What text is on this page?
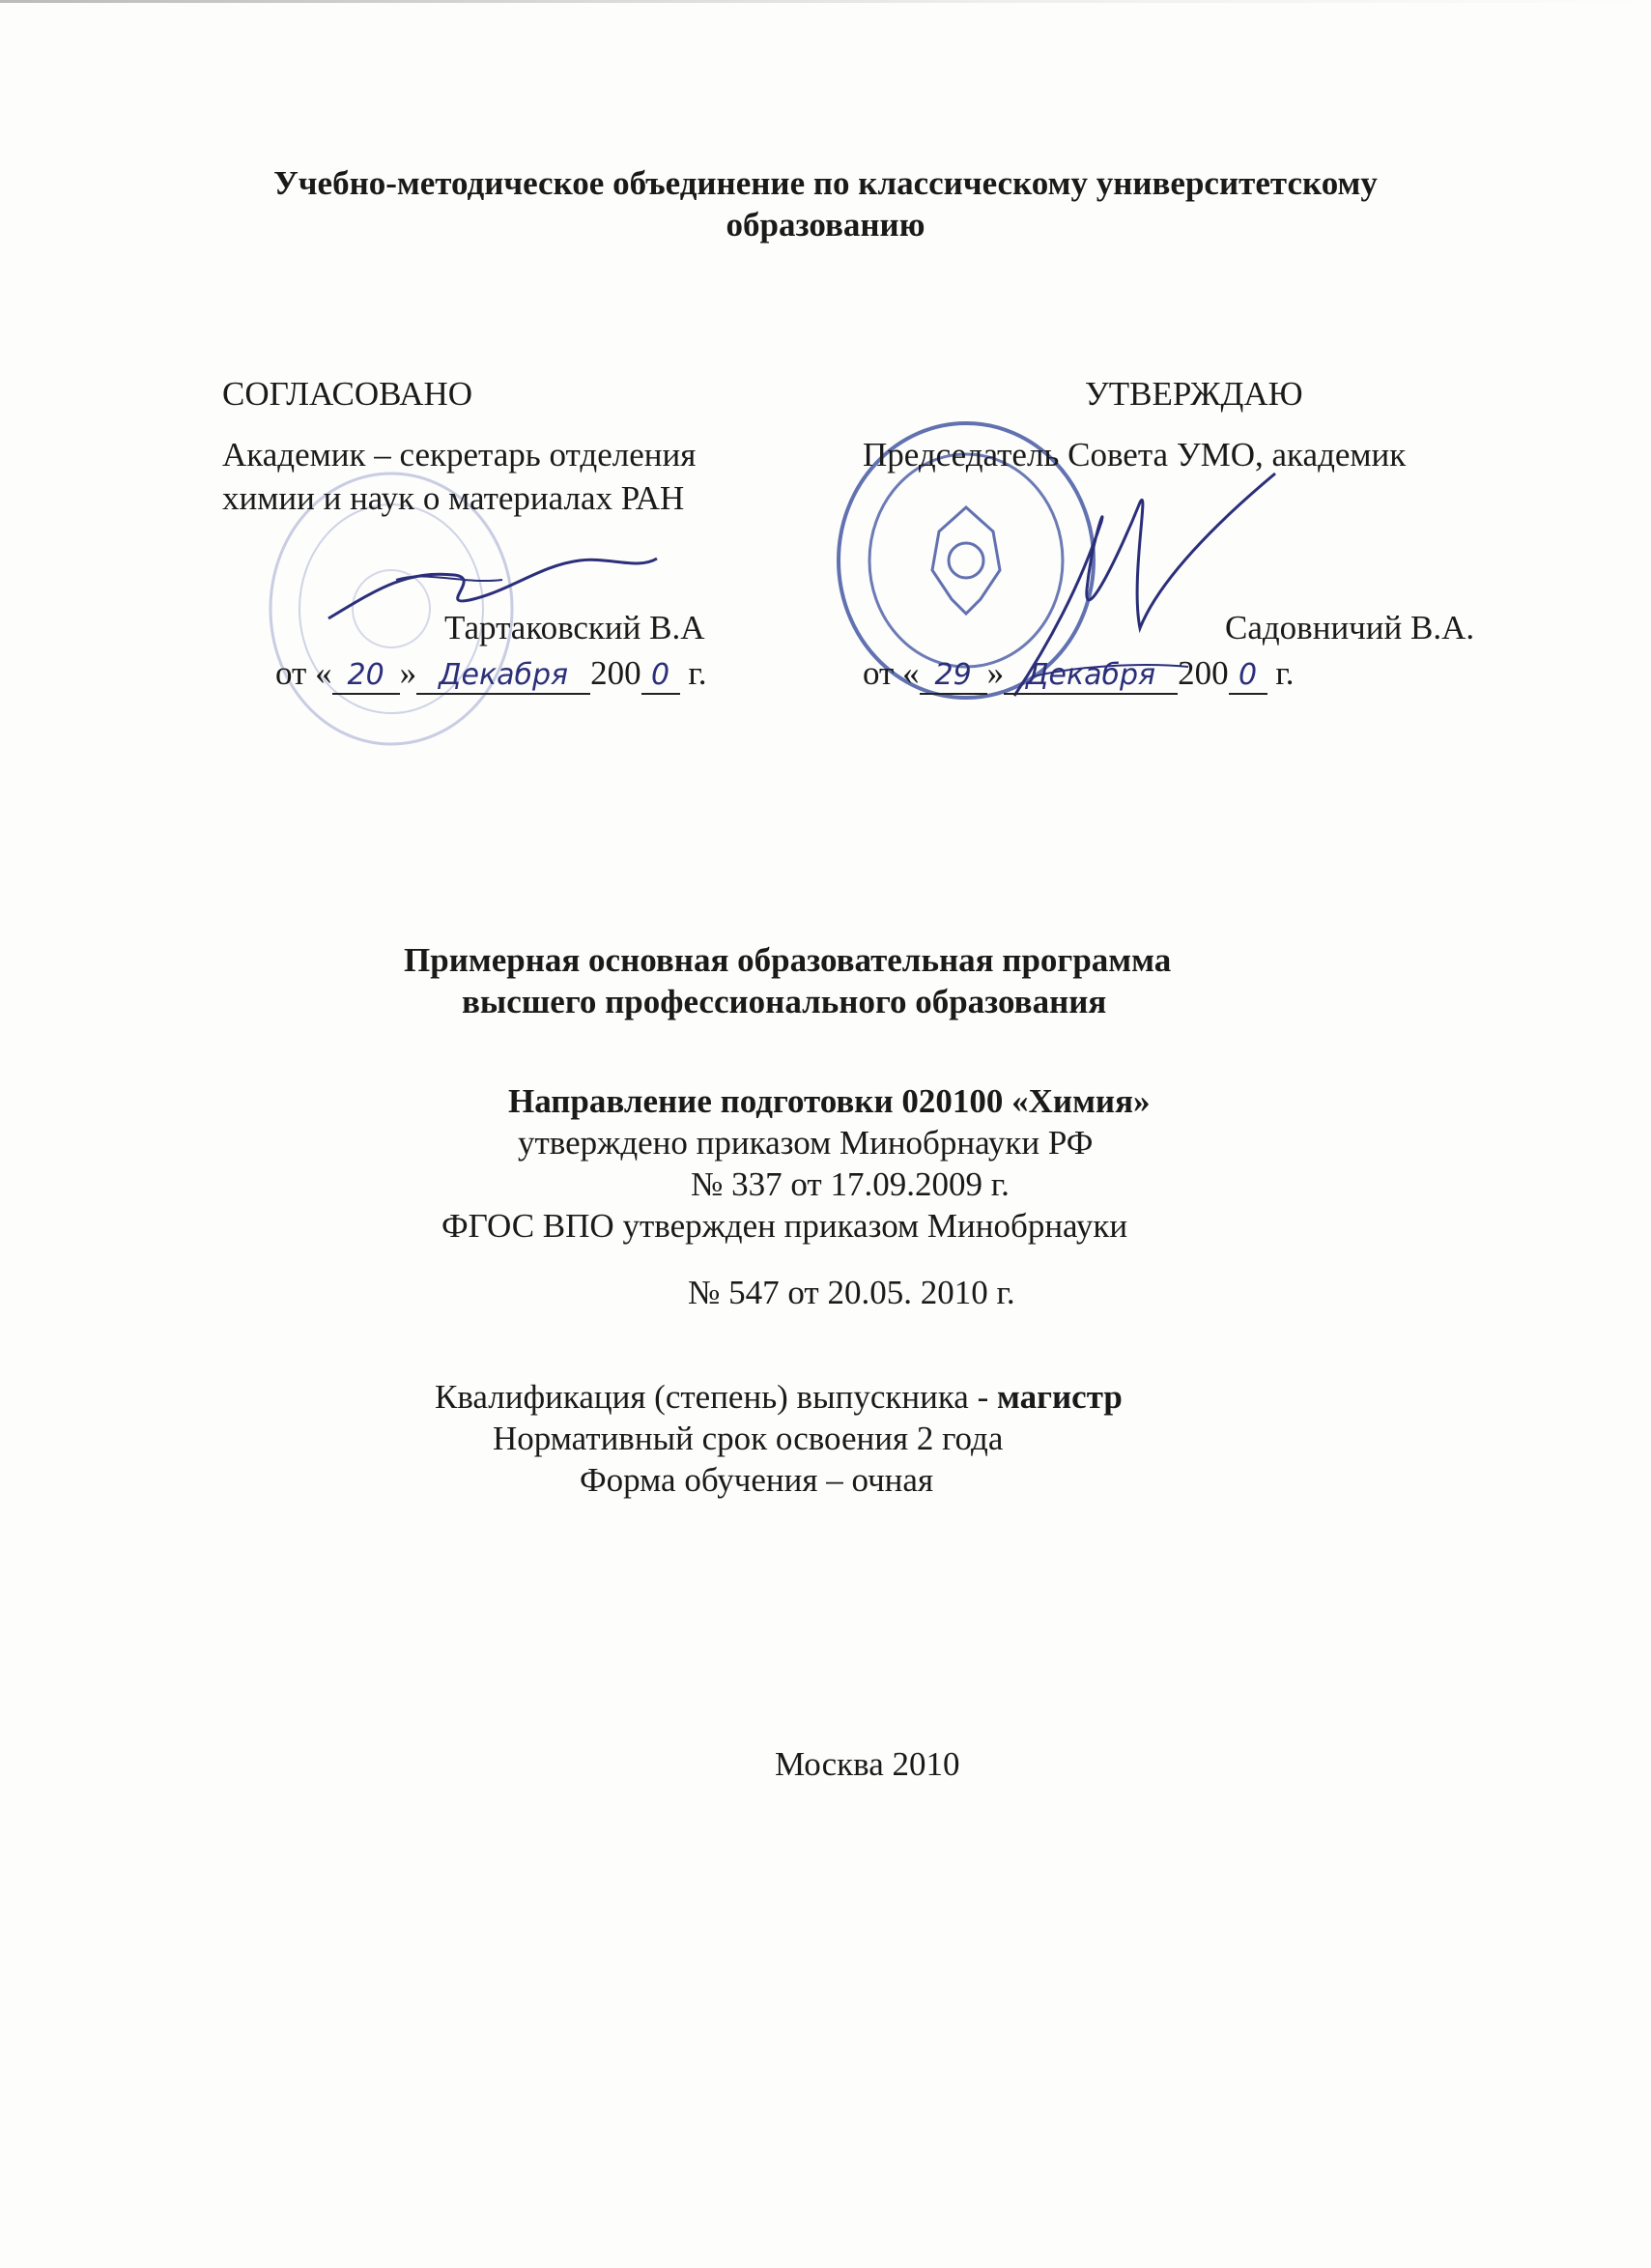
Учебно-методическое объединение по классическому университетскому
образованию
СОГЛАСОВАНО
Академик – секретарь отделения
химии и наук о материалах РАН
Тартаковский В.А
от « 20 » Декабря 200 0 г.
УТВЕРЖДАЮ
Председатель Совета УМО, академик
Садовничий В.А.
от « 29 » Декабря 200 0 г.
Примерная основная образовательная программа
высшего профессионального образования
Направление подготовки 020100 «Химия»
утверждено приказом Минобрнауки РФ
№ 337 от 17.09.2009 г.
ФГОС ВПО утвержден приказом Минобрнауки
№ 547 от 20.05. 2010 г.
Квалификация (степень) выпускника - магистр
Нормативный срок освоения 2 года
Форма обучения – очная
Москва 2010
